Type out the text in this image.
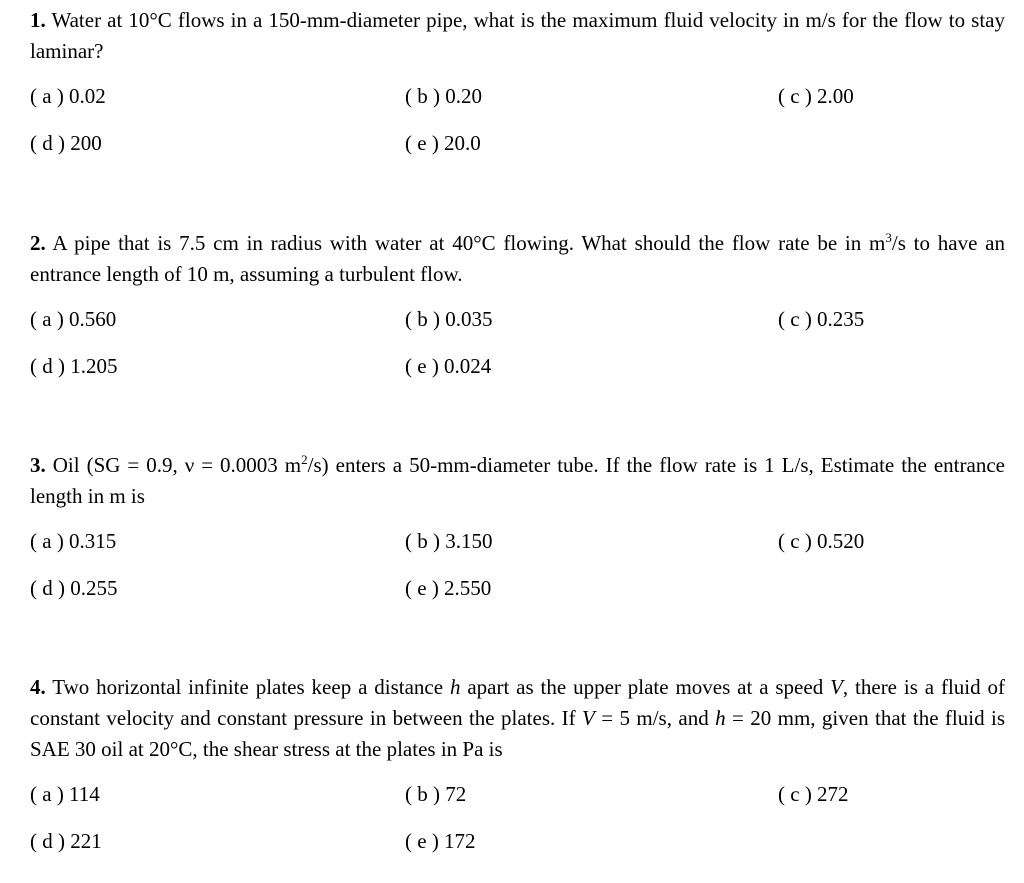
1. Water at 10°C flows in a 150-mm-diameter pipe, what is the maximum fluid velocity in m/s for the flow to stay laminar?
( a ) 0.02	( b ) 0.20	( c ) 2.00
( d ) 200	( e ) 20.0
2. A pipe that is 7.5 cm in radius with water at 40°C flowing. What should the flow rate be in $m^3/s$ to have an entrance length of 10 m, assuming a turbulent flow.
( a ) 0.560	( b ) 0.035	( c ) 0.235
( d ) 1.205	( e ) 0.024
3. Oil (SG = 0.9, ν = 0.0003 $m^2/s$) enters a 50-mm-diameter tube. If the flow rate is 1 L/s, Estimate the entrance length in m is
( a ) 0.315	( b ) 3.150	( c ) 0.520
( d ) 0.255	( e ) 2.550
4. Two horizontal infinite plates keep a distance h apart as the upper plate moves at a speed V, there is a fluid of constant velocity and constant pressure in between the plates. If V = 5 m/s, and h = 20 mm, given that the fluid is SAE 30 oil at 20°C, the shear stress at the plates in Pa is
( a ) 114	( b ) 72	( c ) 272
( d ) 221	( e ) 172
